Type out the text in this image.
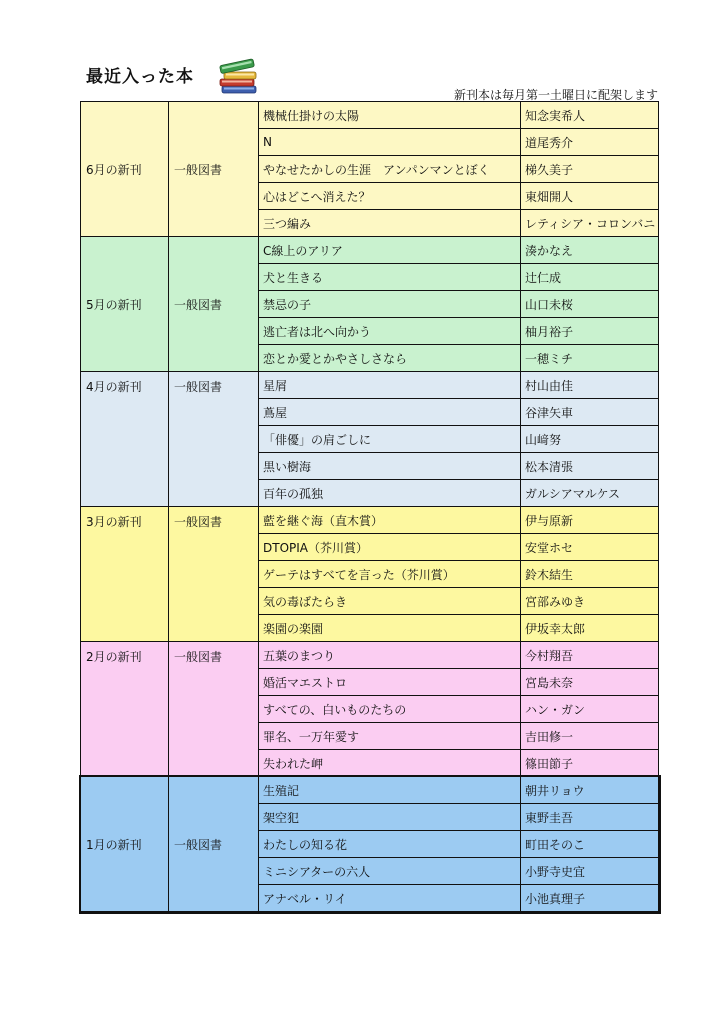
最近入った本
新刊本は毎月第一土曜日に配架します
6月の新刊	一般図書	機械仕掛けの太陽	知念実希人
		N	道尾秀介
		やなせたかしの生涯　アンパンマンとぼく	梯久美子
		心はどこへ消えた？	東畑開人
		三つ編み	レティシア・コロンバニ
5月の新刊	一般図書	C線上のアリア	湊かなえ
		犬と生きる	辻仁成
		禁忌の子	山口未桜
		逃亡者は北へ向かう	柚月裕子
		恋とか愛とかやさしさなら	一穂ミチ
4月の新刊	一般図書	星屑	村山由佳
		蔦屋	谷津矢車
		「俳優」の肩ごしに	山﨑努
		黒い樹海	松本清張
		百年の孤独	ガルシアマルケス
3月の新刊	一般図書	藍を継ぐ海（直木賞）	伊与原新
		DTOPIA（芥川賞）	安堂ホセ
		ゲーテはすべてを言った（芥川賞）	鈴木結生
		気の毒ばたらき	宮部みゆき
		楽園の楽園	伊坂幸太郎
2月の新刊	一般図書	五葉のまつり	今村翔吾
		婚活マエストロ	宮島未奈
		すべての、白いものたちの	ハン・ガン
		罪名、一万年愛す	吉田修一
		失われた岬	篠田節子
1月の新刊	一般図書	生殖記	朝井リョウ
		架空犯	東野圭吾
		わたしの知る花	町田そのこ
		ミニシアターの六人	小野寺史宜
		アナベル・リイ	小池真理子
